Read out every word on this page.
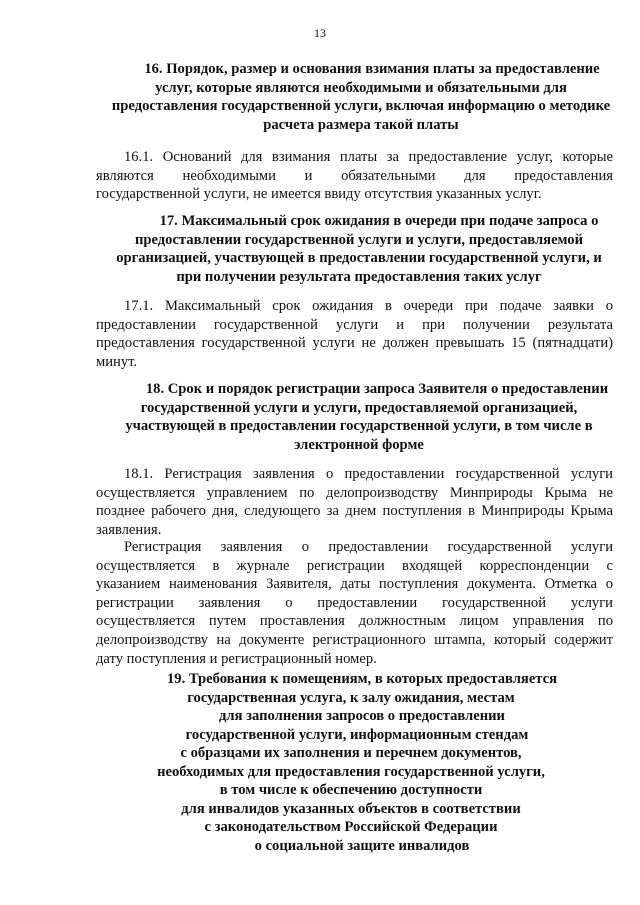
13
16. Порядок, размер и основания взимания платы за предоставление
услуг, которые являются необходимыми и обязательными для
предоставления государственной услуги, включая информацию о методике
расчета размера такой платы
16.1. Оснований для взимания платы за предоставление услуг, которые
являются необходимыми и обязательными для предоставления
государственной услуги, не имеется ввиду отсутствия указанных услуг.
17. Максимальный срок ожидания в очереди при подаче запроса о
предоставлении государственной услуги и услуги, предоставляемой
организацией, участвующей в предоставлении государственной услуги, и
при получении результата предоставления таких услуг
17.1. Максимальный срок ожидания в очереди при подаче заявки о
предоставлении государственной услуги и при получении результата
предоставления государственной услуги не должен превышать 15 (пятнадцати)
минут.
18. Срок и порядок регистрации запроса Заявителя о предоставлении
государственной услуги и услуги, предоставляемой организацией,
участвующей в предоставлении государственной услуги, в том числе в
электронной форме
18.1. Регистрация заявления о предоставлении государственной услуги
осуществляется управлением по делопроизводству Минприроды Крыма не
позднее рабочего дня, следующего за днем поступления в Минприроды Крыма
заявления.
Регистрация заявления о предоставлении государственной услуги
осуществляется в журнале регистрации входящей корреспонденции с
указанием наименования Заявителя, даты поступления документа. Отметка о
регистрации заявления о предоставлении государственной услуги
осуществляется путем проставления должностным лицом управления по
делопроизводству на документе регистрационного штампа, который содержит
дату поступления и регистрационный номер.
19. Требования к помещениям, в которых предоставляется
государственная услуга, к залу ожидания, местам
для заполнения запросов о предоставлении
государственной услуги, информационным стендам
с образцами их заполнения и перечнем документов,
необходимых для предоставления государственной услуги,
в том числе к обеспечению доступности
для инвалидов указанных объектов в соответствии
с законодательством Российской Федерации
о социальной защите инвалидов
